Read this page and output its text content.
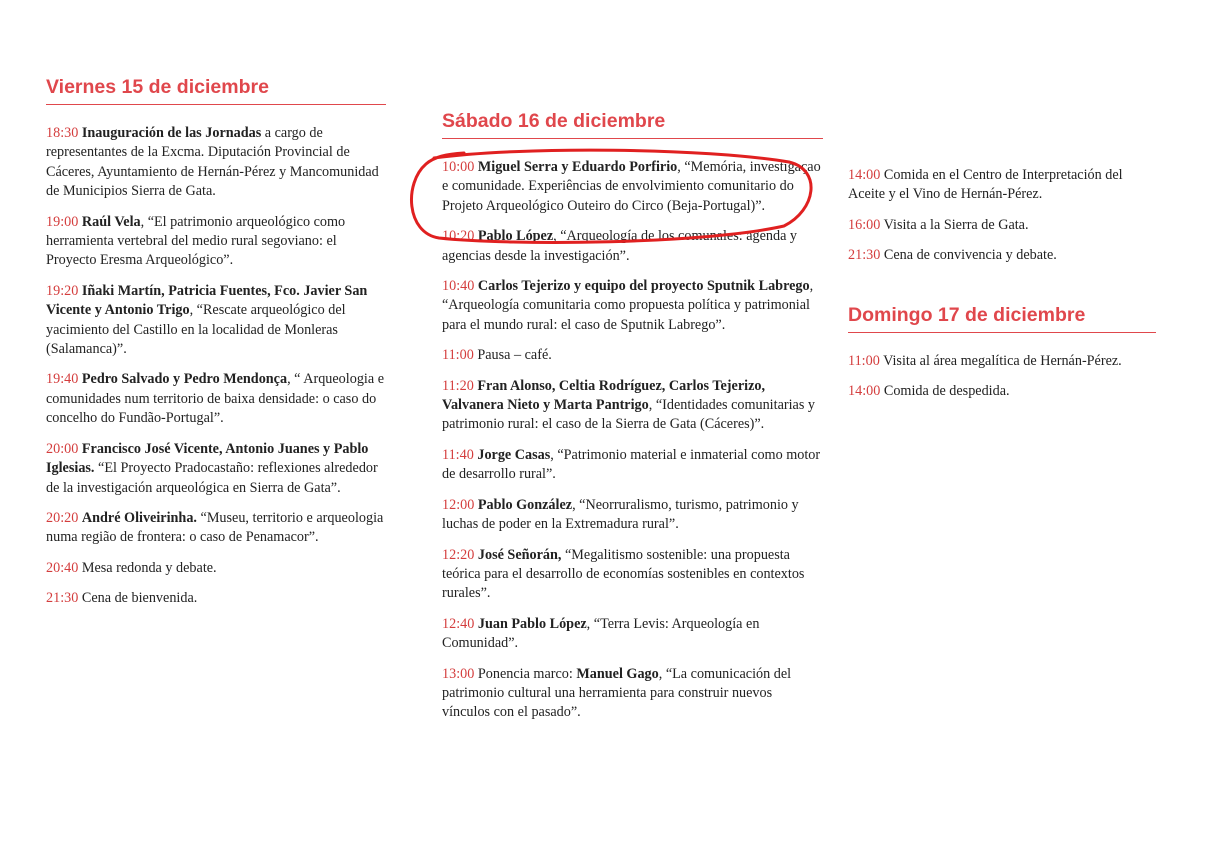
Viernes 15 de diciembre

18:30 Inauguración de las Jornadas a cargo de representantes de la Excma. Diputación Provincial de Cáceres, Ayuntamiento de Hernán-Pérez y Mancomunidad de Municipios Sierra de Gata.

19:00 Raúl Vela, “El patrimonio arqueológico como herramienta vertebral del medio rural segoviano: el Proyecto Eresma Arqueológico”.

19:20 Iñaki Martín, Patricia Fuentes, Fco. Javier San Vicente y Antonio Trigo, “Rescate arqueológico del yacimiento del Castillo en la localidad de Monleras (Salamanca)”.

19:40 Pedro Salvado y Pedro Mendonça, “ Arqueologia e comunidades num territorio de baixa densidade: o caso do concelho do Fundão-Portugal”.

20:00 Francisco José Vicente, Antonio Juanes y Pablo Iglesias. “El Proyecto Pradocastaño: reflexiones alrededor de la investigación arqueológica en Sierra de Gata”.

20:20 André Oliveirinha. “Museu, territorio e arqueologia numa região de frontera: o caso de Penamacor”.

20:40 Mesa redonda y debate.

21:30 Cena de bienvenida.

Sábado 16 de diciembre

10:00 Miguel Serra y Eduardo Porfirio, “Memória, investigaçao e comunidade. Experiências de envolvimiento comunitario do Projeto Arqueológico Outeiro do Circo (Beja-Portugal)”.

10:20 Pablo López, “Arqueología de los comunales: agenda y agencias desde la investigación”.

10:40 Carlos Tejerizo y equipo del proyecto Sputnik Labrego, “Arqueología comunitaria como propuesta política y patrimonial para el mundo rural: el caso de Sputnik Labrego”.

11:00 Pausa – café.

11:20 Fran Alonso, Celtia Rodríguez, Carlos Tejerizo, Valvanera Nieto y Marta Pantrigo, “Identidades comunitarias y patrimonio rural: el caso de la Sierra de Gata (Cáceres)”.

11:40 Jorge Casas, “Patrimonio material e inmaterial como motor de desarrollo rural”.

12:00 Pablo González, “Neorruralismo, turismo, patrimonio y luchas de poder en la Extremadura rural”.

12:20 José Señorán, “Megalitismo sostenible: una propuesta teórica para el desarrollo de economías sostenibles en contextos rurales”.

12:40 Juan Pablo López, “Terra Levis: Arqueología en Comunidad”.

13:00 Ponencia marco: Manuel Gago, “La comunicación del patrimonio cultural una herramienta para construir nuevos vínculos con el pasado”.

14:00 Comida en el Centro de Interpretación del Aceite y el Vino de Hernán-Pérez.

16:00 Visita a la Sierra de Gata.

21:30 Cena de convivencia y debate.

Domingo 17 de diciembre

11:00 Visita al área megalítica de Hernán-Pérez.

14:00 Comida de despedida.
